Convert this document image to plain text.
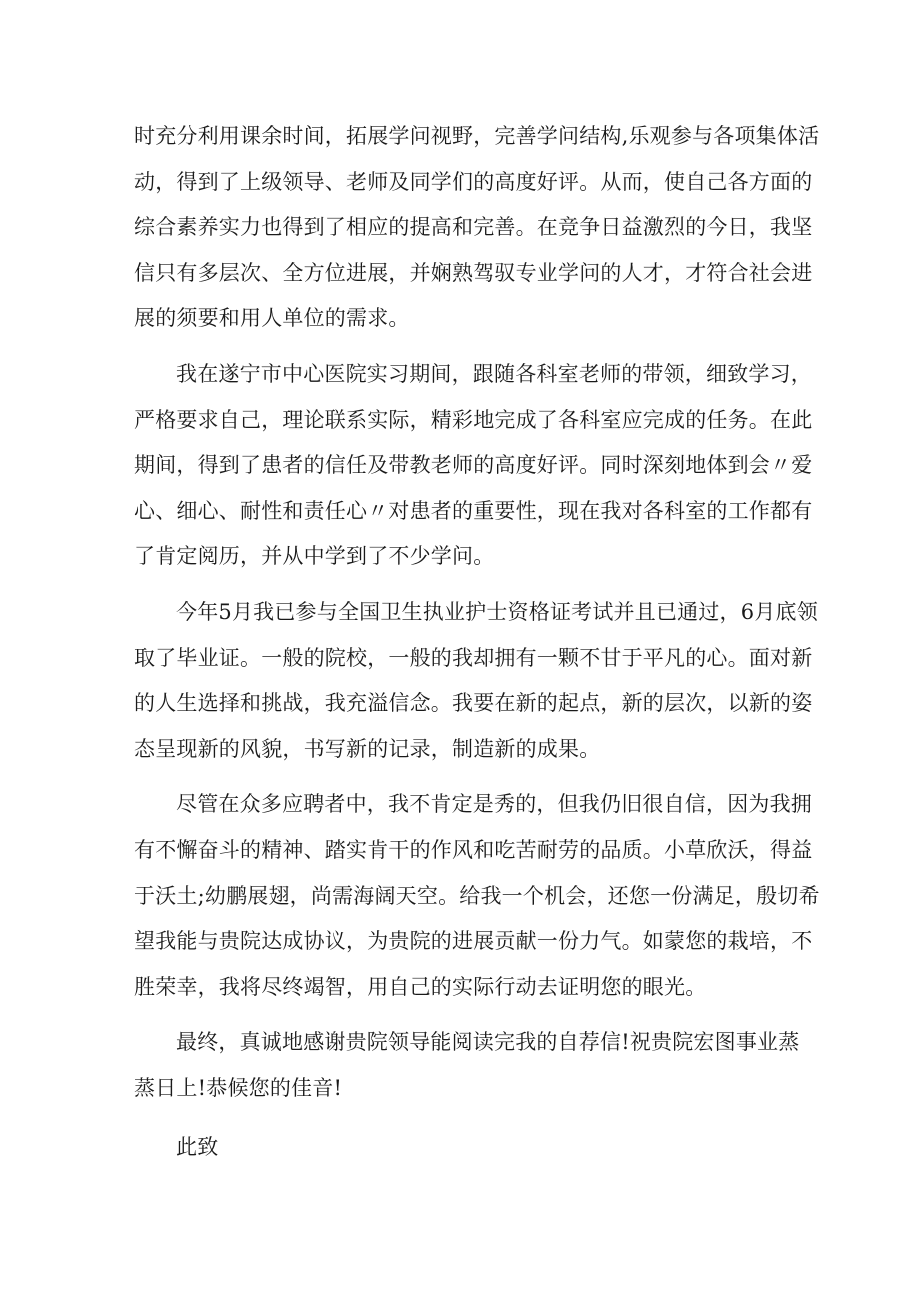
时充分利用课余时间，拓展学问视野，完善学问结构,乐观参与各项集体活
动，得到了上级领导、老师及同学们的高度好评。从而，使自己各方面的
综合素养实力也得到了相应的提高和完善。在竞争日益激烈的今日，我坚
信只有多层次、全方位进展，并娴熟驾驭专业学问的人才，才符合社会进
展的须要和用人单位的需求。
我在遂宁市中心医院实习期间，跟随各科室老师的带领，细致学习，
严格要求自己，理论联系实际，精彩地完成了各科室应完成的任务。在此
期间，得到了患者的信任及带教老师的高度好评。同时深刻地体到会〃爱
心、细心、耐性和责任心〃对患者的重要性，现在我对各科室的工作都有
了肯定阅历，并从中学到了不少学问。
今年5月我已参与全国卫生执业护士资格证考试并且已通过，6月底领
取了毕业证。一般的院校，一般的我却拥有一颗不甘于平凡的心。面对新
的人生选择和挑战，我充溢信念。我要在新的起点，新的层次，以新的姿
态呈现新的风貌，书写新的记录，制造新的成果。
尽管在众多应聘者中，我不肯定是秀的，但我仍旧很自信，因为我拥
有不懈奋斗的精神、踏实肯干的作风和吃苦耐劳的品质。小草欣沃，得益
于沃土;幼鹏展翅，尚需海阔天空。给我一个机会，还您一份满足，殷切希
望我能与贵院达成协议，为贵院的进展贡献一份力气。如蒙您的栽培，不
胜荣幸，我将尽终竭智，用自己的实际行动去证明您的眼光。
最终，真诚地感谢贵院领导能阅读完我的自荐信!祝贵院宏图事业蒸
蒸日上!恭候您的佳音!
此致
